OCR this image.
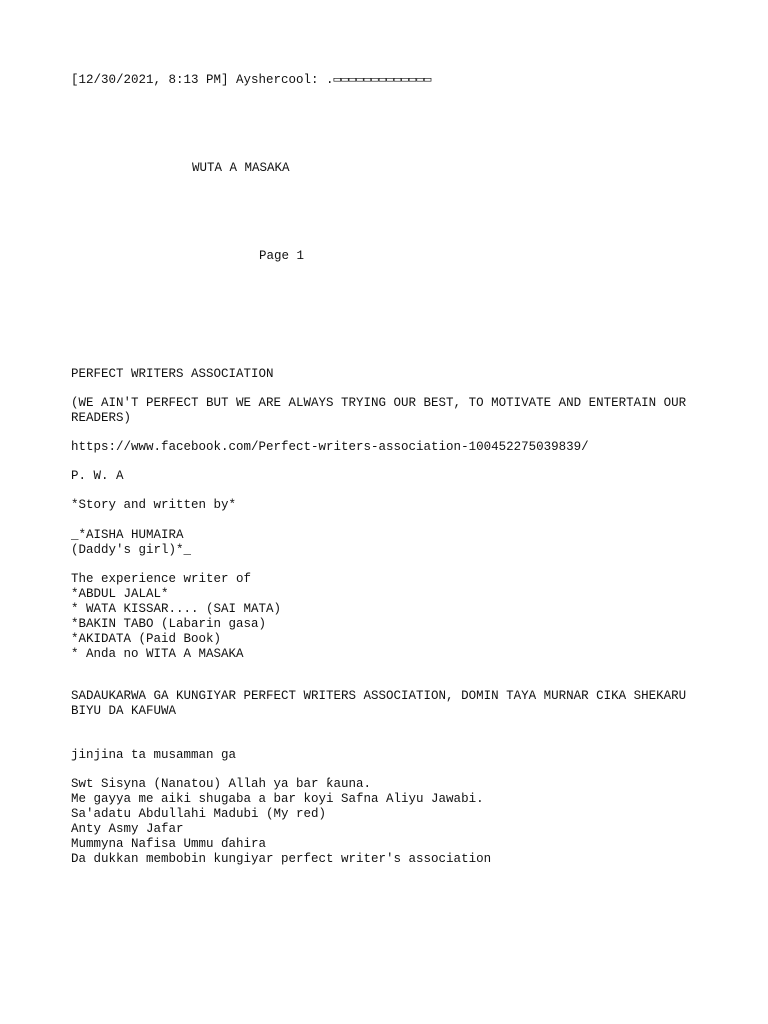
[12/30/2021, 8:13 PM] Ayshercool: .▭▭▭▭▭▭▭▭▭▭▭▭▭
WUTA A MASAKA
Page 1
PERFECT WRITERS ASSOCIATION
(WE AIN'T PERFECT BUT WE ARE ALWAYS TRYING OUR BEST, TO MOTIVATE AND ENTERTAIN OUR READERS)
https://www.facebook.com/Perfect-writers-association-100452275039839/
P. W. A
*Story and written by*
_*AISHA HUMAIRA
(Daddy's girl)*_
The experience writer of
*ABDUL JALAL*
* WATA KISSAR.... (SAI MATA)
*BAKIN TABO (Labarin gasa)
*AKIDATA (Paid Book)
* Anda no WITA A MASAKA
SADAUKARWA GA KUNGIYAR PERFECT WRITERS ASSOCIATION, DOMIN TAYA MURNAR CIKA SHEKARU BIYU DA KAFUWA
jinjina ta musamman ga
Swt Sisyna (Nanatou) Allah ya bar ƙauna.
Me gayya me aiki shugaba a bar koyi Safna Aliyu Jawabi.
Sa'adatu Abdullahi Madubi (My red)
Anty Asmy Jafar
Mummyna Nafisa Ummu ɗahira
Da dukkan membobin kungiyar perfect writer's association
